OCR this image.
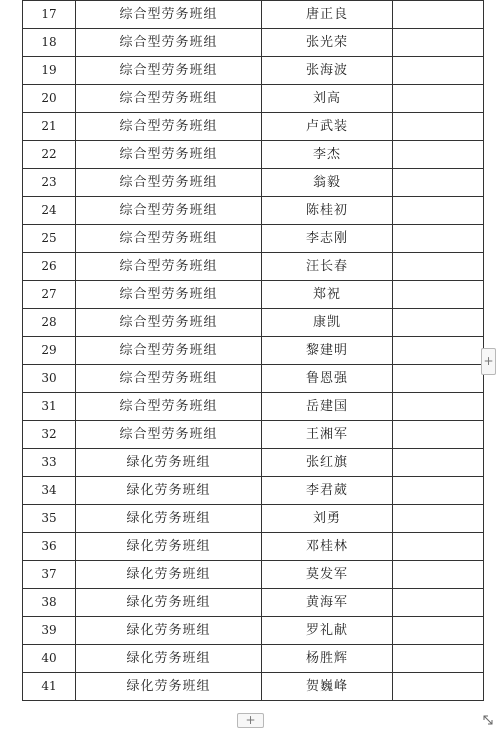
17	综合型劳务班组	唐正良	
18	综合型劳务班组	张光荣	
19	综合型劳务班组	张海波	
20	综合型劳务班组	刘高	
21	综合型劳务班组	卢武装	
22	综合型劳务班组	李杰	
23	综合型劳务班组	翁毅	
24	综合型劳务班组	陈桂初	
25	综合型劳务班组	李志刚	
26	综合型劳务班组	汪长春	
27	综合型劳务班组	郑祝	
28	综合型劳务班组	康凯	
29	综合型劳务班组	黎建明	
30	综合型劳务班组	鲁恩强	
31	综合型劳务班组	岳建国	
32	综合型劳务班组	王湘军	
33	绿化劳务班组	张红旗	
34	绿化劳务班组	李君葳	
35	绿化劳务班组	刘勇	
36	绿化劳务班组	邓桂林	
37	绿化劳务班组	莫发军	
38	绿化劳务班组	黄海军	
39	绿化劳务班组	罗礼献	
40	绿化劳务班组	杨胜辉	
41	绿化劳务班组	贺巍峰	
+
+
